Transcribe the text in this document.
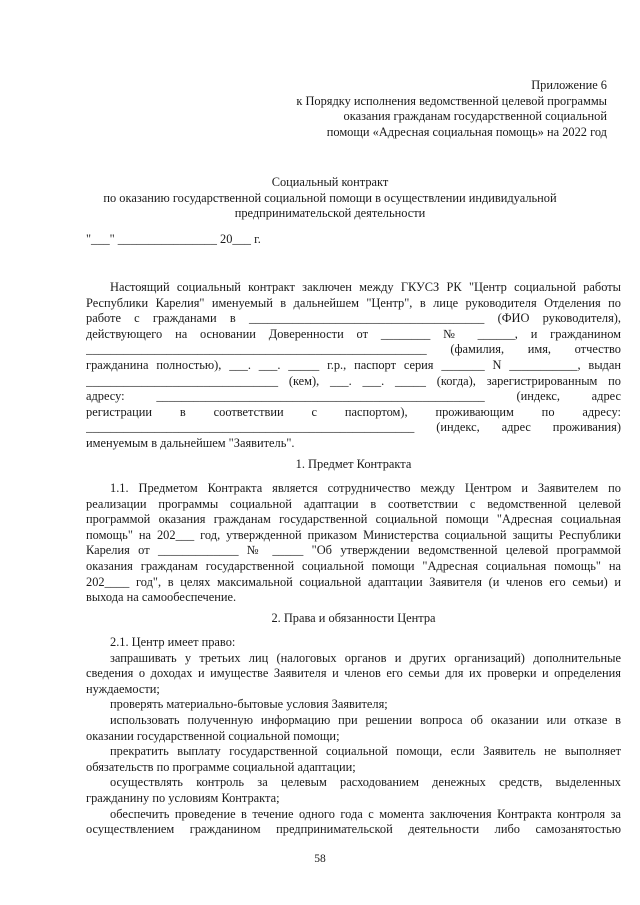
Приложение 6
к Порядку исполнения ведомственной целевой программы
оказания гражданам государственной социальной
помощи «Адресная социальная помощь» на 2022 год
Социальный контракт
по оказанию государственной социальной помощи в осуществлении индивидуальной
предпринимательской деятельности
"___" ________________ 20___ г.
Настоящий социальный контракт заключен между ГКУСЗ РК "Центр социальной работы
Республики Карелия" именуемый в дальнейшем "Центр", в лице руководителя Отделения по
работе с гражданами в ______________________________________ (ФИО руководителя),
действующего на основании Доверенности от ________ № ______, и гражданином
_______________________________________________________ (фамилия, имя, отчество
гражданина полностью), ___. ___. _____ г.р., паспорт серия _______ N ___________, выдан
_______________________________ (кем), ___. ___. _____ (когда), зарегистрированным по
адресу: _____________________________________________________ (индекс, адрес
регистрации в соответствии с паспортом), проживающим по адресу:
_____________________________________________________ (индекс, адрес проживания)
именуемым в дальнейшем "Заявитель".
1. Предмет Контракта
1.1. Предметом Контракта является сотрудничество между Центром и Заявителем по
реализации программы социальной адаптации в соответствии с ведомственной целевой
программой оказания гражданам государственной социальной помощи "Адресная социальная
помощь" на 202___ год, утвержденной приказом Министерства социальной защиты Республики
Карелия от _____________ № _____ "Об утверждении ведомственной целевой программой
оказания гражданам государственной социальной помощи "Адресная социальная помощь" на
202____ год", в целях максимальной социальной адаптации Заявителя (и членов его семьи) и
выхода на самообеспечение.
2. Права и обязанности Центра
2.1. Центр имеет право:
запрашивать у третьих лиц (налоговых органов и других организаций) дополнительные
сведения о доходах и имуществе Заявителя и членов его семьи для их проверки и определения
нуждаемости;
проверять материально-бытовые условия Заявителя;
использовать полученную информацию при решении вопроса об оказании или отказе в
оказании государственной социальной помощи;
прекратить выплату государственной социальной помощи, если Заявитель не выполняет
обязательств по программе социальной адаптации;
осуществлять контроль за целевым расходованием денежных средств, выделенных
гражданину по условиям Контракта;
обеспечить проведение в течение одного года с момента заключения Контракта контроля за
осуществлением гражданином предпринимательской деятельности либо самозанятостью
58
